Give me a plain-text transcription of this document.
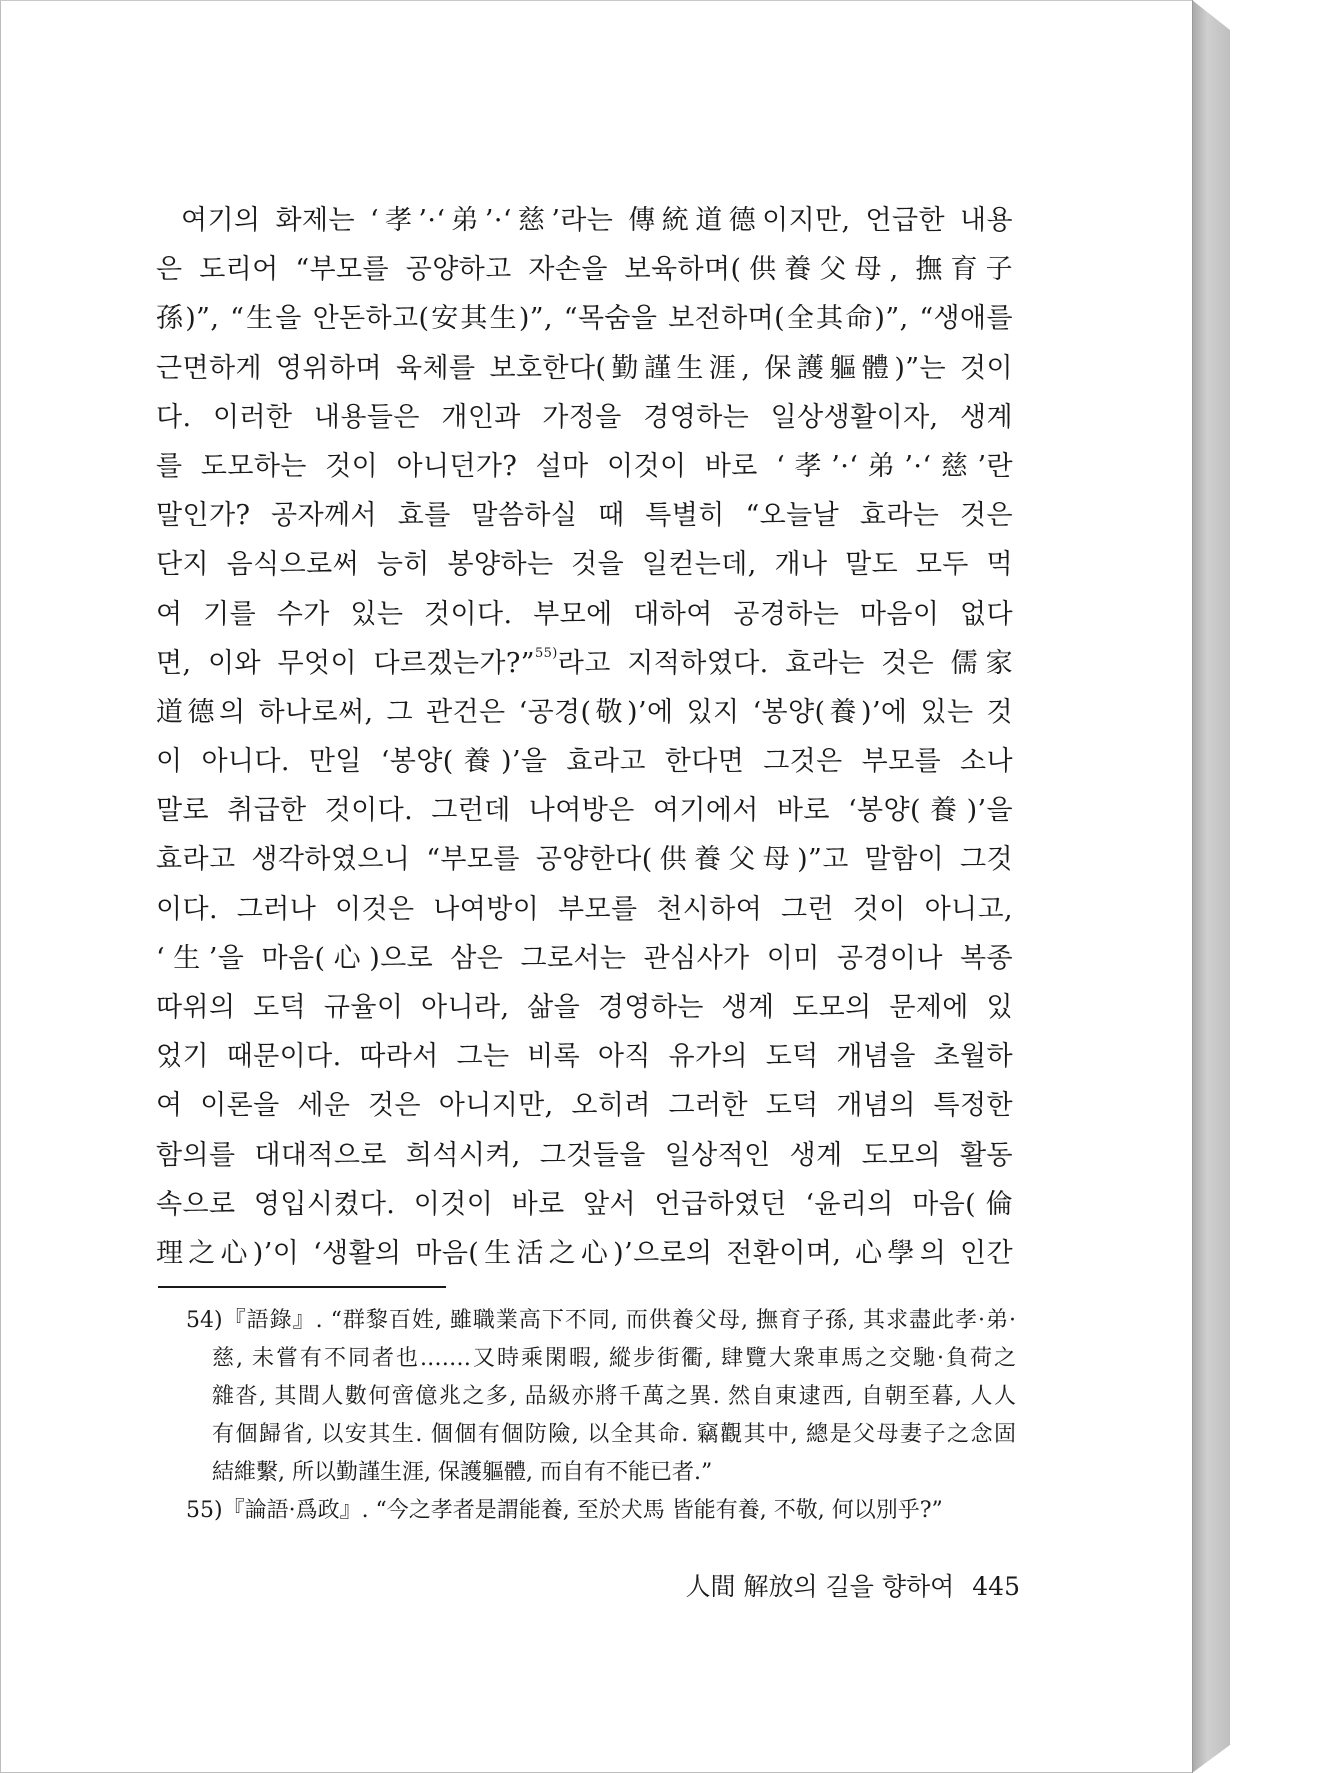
여기의 화제는 ‘孝’·‘弟’·‘慈’라는 傳統道德이지만, 언급한 내용
은 도리어 “부모를 공양하고 자손을 보육하며(供養父母, 撫育子
孫)”, “生을 안돈하고(安其生)”, “목숨을 보전하며(全其命)”, “생애를
근면하게 영위하며 육체를 보호한다(勤謹生涯, 保護軀體)”는 것이
다. 이러한 내용들은 개인과 가정을 경영하는 일상생활이자, 생계
를 도모하는 것이 아니던가? 설마 이것이 바로 ‘孝’·‘弟’·‘慈’란
말인가? 공자께서 효를 말씀하실 때 특별히 “오늘날 효라는 것은
단지 음식으로써 능히 봉양하는 것을 일컫는데, 개나 말도 모두 먹
여 기를 수가 있는 것이다. 부모에 대하여 공경하는 마음이 없다
면, 이와 무엇이 다르겠는가?”$^{55)}$라고 지적하였다. 효라는 것은 儒家
道德의 하나로써, 그 관건은 ‘공경(敬)’에 있지 ‘봉양(養)’에 있는 것
이 아니다. 만일 ‘봉양(養)’을 효라고 한다면 그것은 부모를 소나
말로 취급한 것이다. 그런데 나여방은 여기에서 바로 ‘봉양(養)’을
효라고 생각하였으니 “부모를 공양한다(供養父母)”고 말함이 그것
이다. 그러나 이것은 나여방이 부모를 천시하여 그런 것이 아니고,
‘生’을 마음(心)으로 삼은 그로서는 관심사가 이미 공경이나 복종
따위의 도덕 규율이 아니라, 삶을 경영하는 생계 도모의 문제에 있
었기 때문이다. 따라서 그는 비록 아직 유가의 도덕 개념을 초월하
여 이론을 세운 것은 아니지만, 오히려 그러한 도덕 개념의 특정한
함의를 대대적으로 희석시켜, 그것들을 일상적인 생계 도모의 활동
속으로 영입시켰다. 이것이 바로 앞서 언급하였던 ‘윤리의 마음(倫
理之心)’이 ‘생활의 마음(生活之心)’으로의 전환이며, 心學의 인간
54)『語錄』. “群黎百姓, 雖職業高下不同, 而供養父母, 撫育子孫, 其求盡此孝·弟·
慈, 未嘗有不同者也.……又時乘閑暇, 縱步街衢, 肆覽大衆車馬之交馳·負荷之
雜沓, 其間人數何啻億兆之多, 品級亦將千萬之異. 然自東逮西, 自朝至暮, 人人
有個歸省, 以安其生. 個個有個防險, 以全其命. 竊觀其中, 總是父母妻子之念固
結維繫, 所以勤謹生涯, 保護軀體, 而自有不能已者.”
55)『論語·爲政』. “今之孝者是謂能養, 至於犬馬 皆能有養, 不敬, 何以別乎?”
人間 解放의 길을 향하여 445
